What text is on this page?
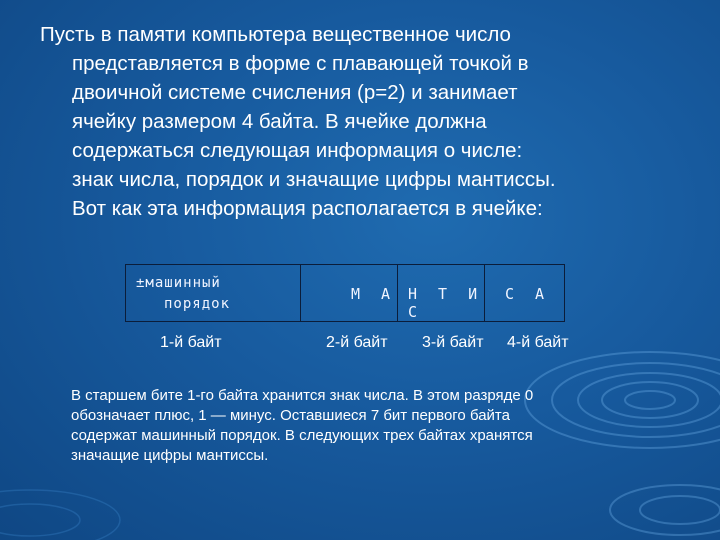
Пусть в памяти компьютера вещественное число
представляется в форме с плавающей точкой в
двоичной системе счисления (p=2) и занимает
ячейку размером 4 байта. В ячейке должна
содержаться следующая информация о числе:
знак числа, порядок и значащие цифры мантиссы.
Вот как эта информация располагается в ячейке:

±машинный
порядок
М А Н Т И С
С А
1-й байт	2-й байт 3-й байт 4-й байт

В старшем бите 1-го байта хранится знак числа. В этом разряде 0
обозначает плюс, 1 — минус. Оставшиеся 7 бит первого байта
содержат машинный порядок. В следующих трех байтах хранятся
значащие цифры мантиссы.
